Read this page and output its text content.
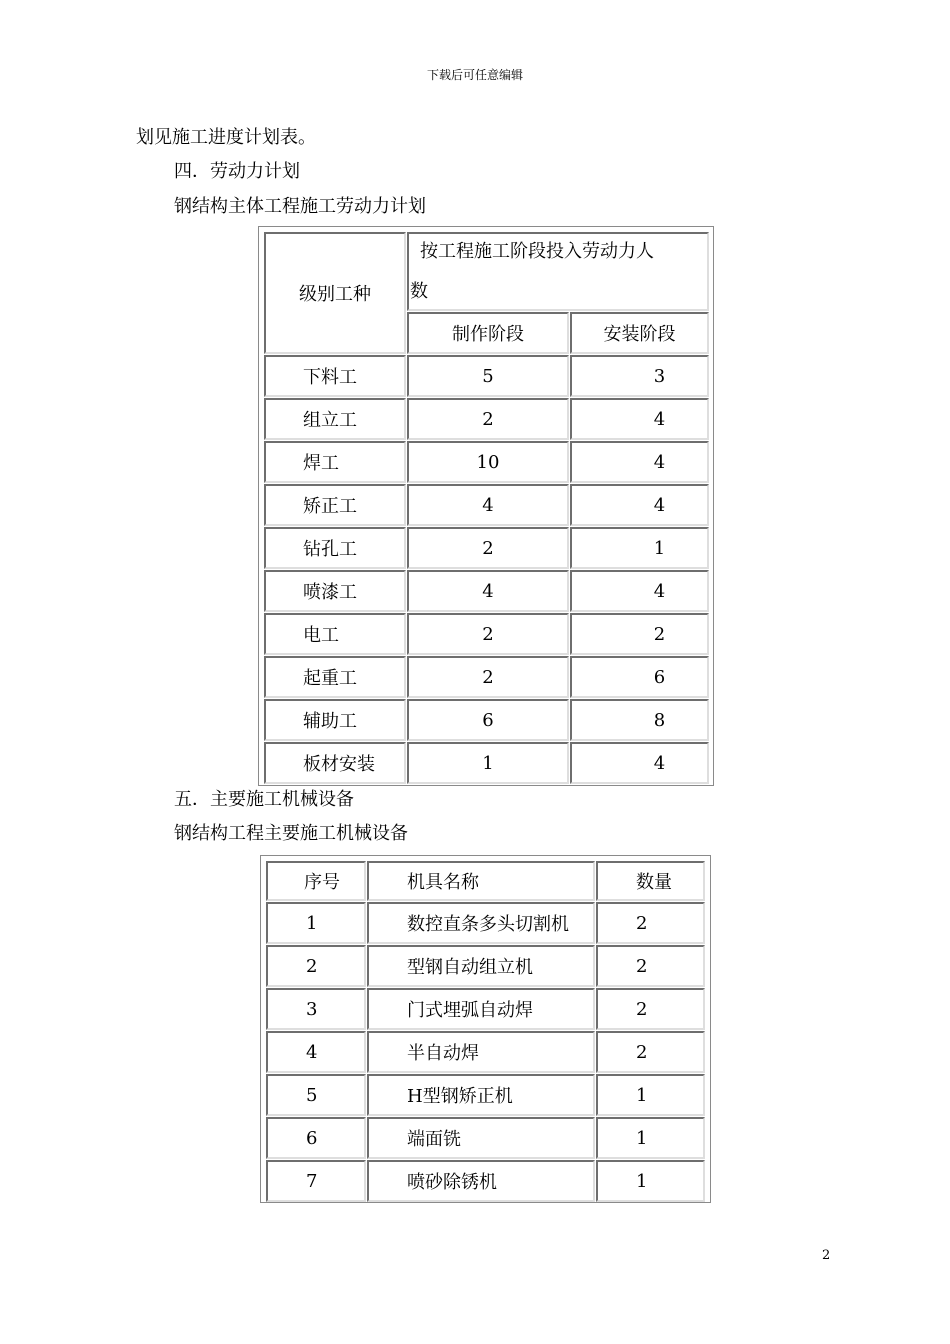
下载后可任意编辑
划见施工进度计划表。
四．劳动力计划
钢结构主体工程施工劳动力计划
级别工种
按工程施工阶段投入劳动力人
数
制作阶段	安装阶段
下料工	5	3
组立工	2	4
焊工	10	4
矫正工	4	4
钻孔工	2	1
喷漆工	4	4
电工	2	2
起重工	2	6
辅助工	6	8
板材安装	1	4
五．主要施工机械设备
钢结构工程主要施工机械设备
序号	机具名称	数量
1	数控直条多头切割机	2
2	型钢自动组立机	2
3	门式埋弧自动焊	2
4	半自动焊	2
5	H型钢矫正机	1
6	端面铣	1
7	喷砂除锈机	1
2
